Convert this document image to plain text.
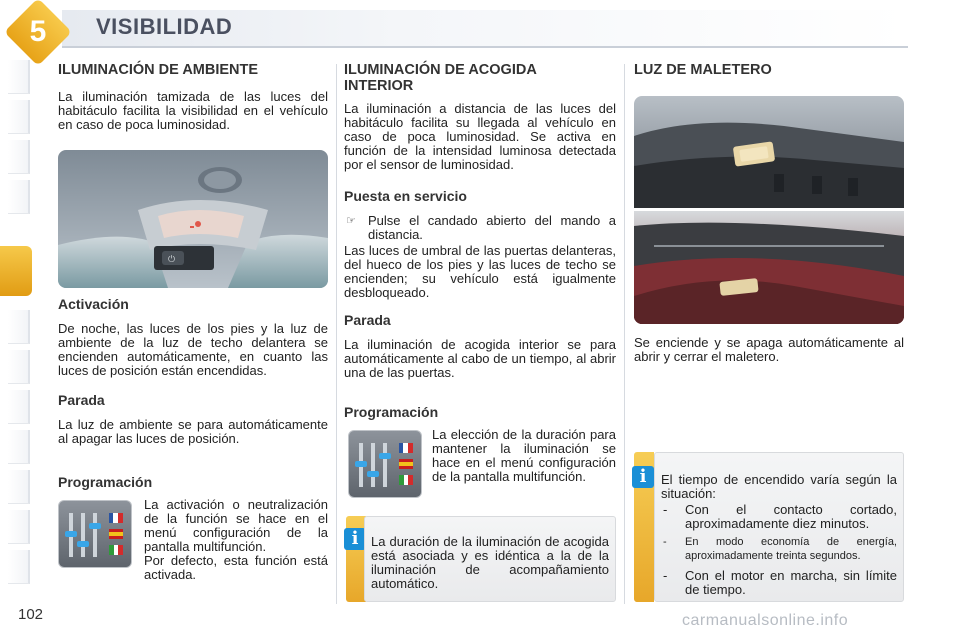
5	VISIBILIDAD
ILUMINACIÓN DE AMBIENTE

La iluminación tamizada de las luces del habitáculo facilita la visibilidad en el vehículo en caso de poca luminosidad.

⏻
Activación

De noche, las luces de los pies y la luz de ambiente de la luz de techo delantera se encienden automáticamente, en cuanto las luces de posición están encendidas.

Parada

La luz de ambiente se para automáticamente al apagar las luces de posición.

Programación

La activación o neutralización de la función se hace en el menú configuración de la pantalla multifunción.

Por defecto, esta función está activada.

ILUMINACIÓN DE ACOGIDA INTERIOR

La iluminación a distancia de las luces del habitáculo facilita su llegada al vehículo en caso de poca luminosidad. Se activa en función de la intensidad luminosa detectada por el sensor de luminosidad.

Puesta en servicio
☞ Pulse el candado abierto del mando a distancia.

Las luces de umbral de las puertas delanteras, del hueco de los pies y las luces de techo se encienden; su vehículo está igualmente desbloqueado.

Parada

La iluminación de acogida interior se para automáticamente al cabo de un tiempo, al abrir una de las puertas.

Programación

La elección de la duración para mantener la iluminación se hace en el menú configuración de la pantalla multifunción.

i La duración de la iluminación de acogida está asociada y es idéntica a la de la iluminación de acompañamiento automático.

LUZ DE MALETERO

Se enciende y se apaga automáticamente al abrir y cerrar el maletero.

i	El tiempo de encendido varía según la situación:

- Con el contacto cortado, aproximadamente diez minutos.
- En modo economía de energía, aproximadamente treinta segundos.
- Con el motor en marcha, sin límite de tiempo.
102	carmanualsonline.info
